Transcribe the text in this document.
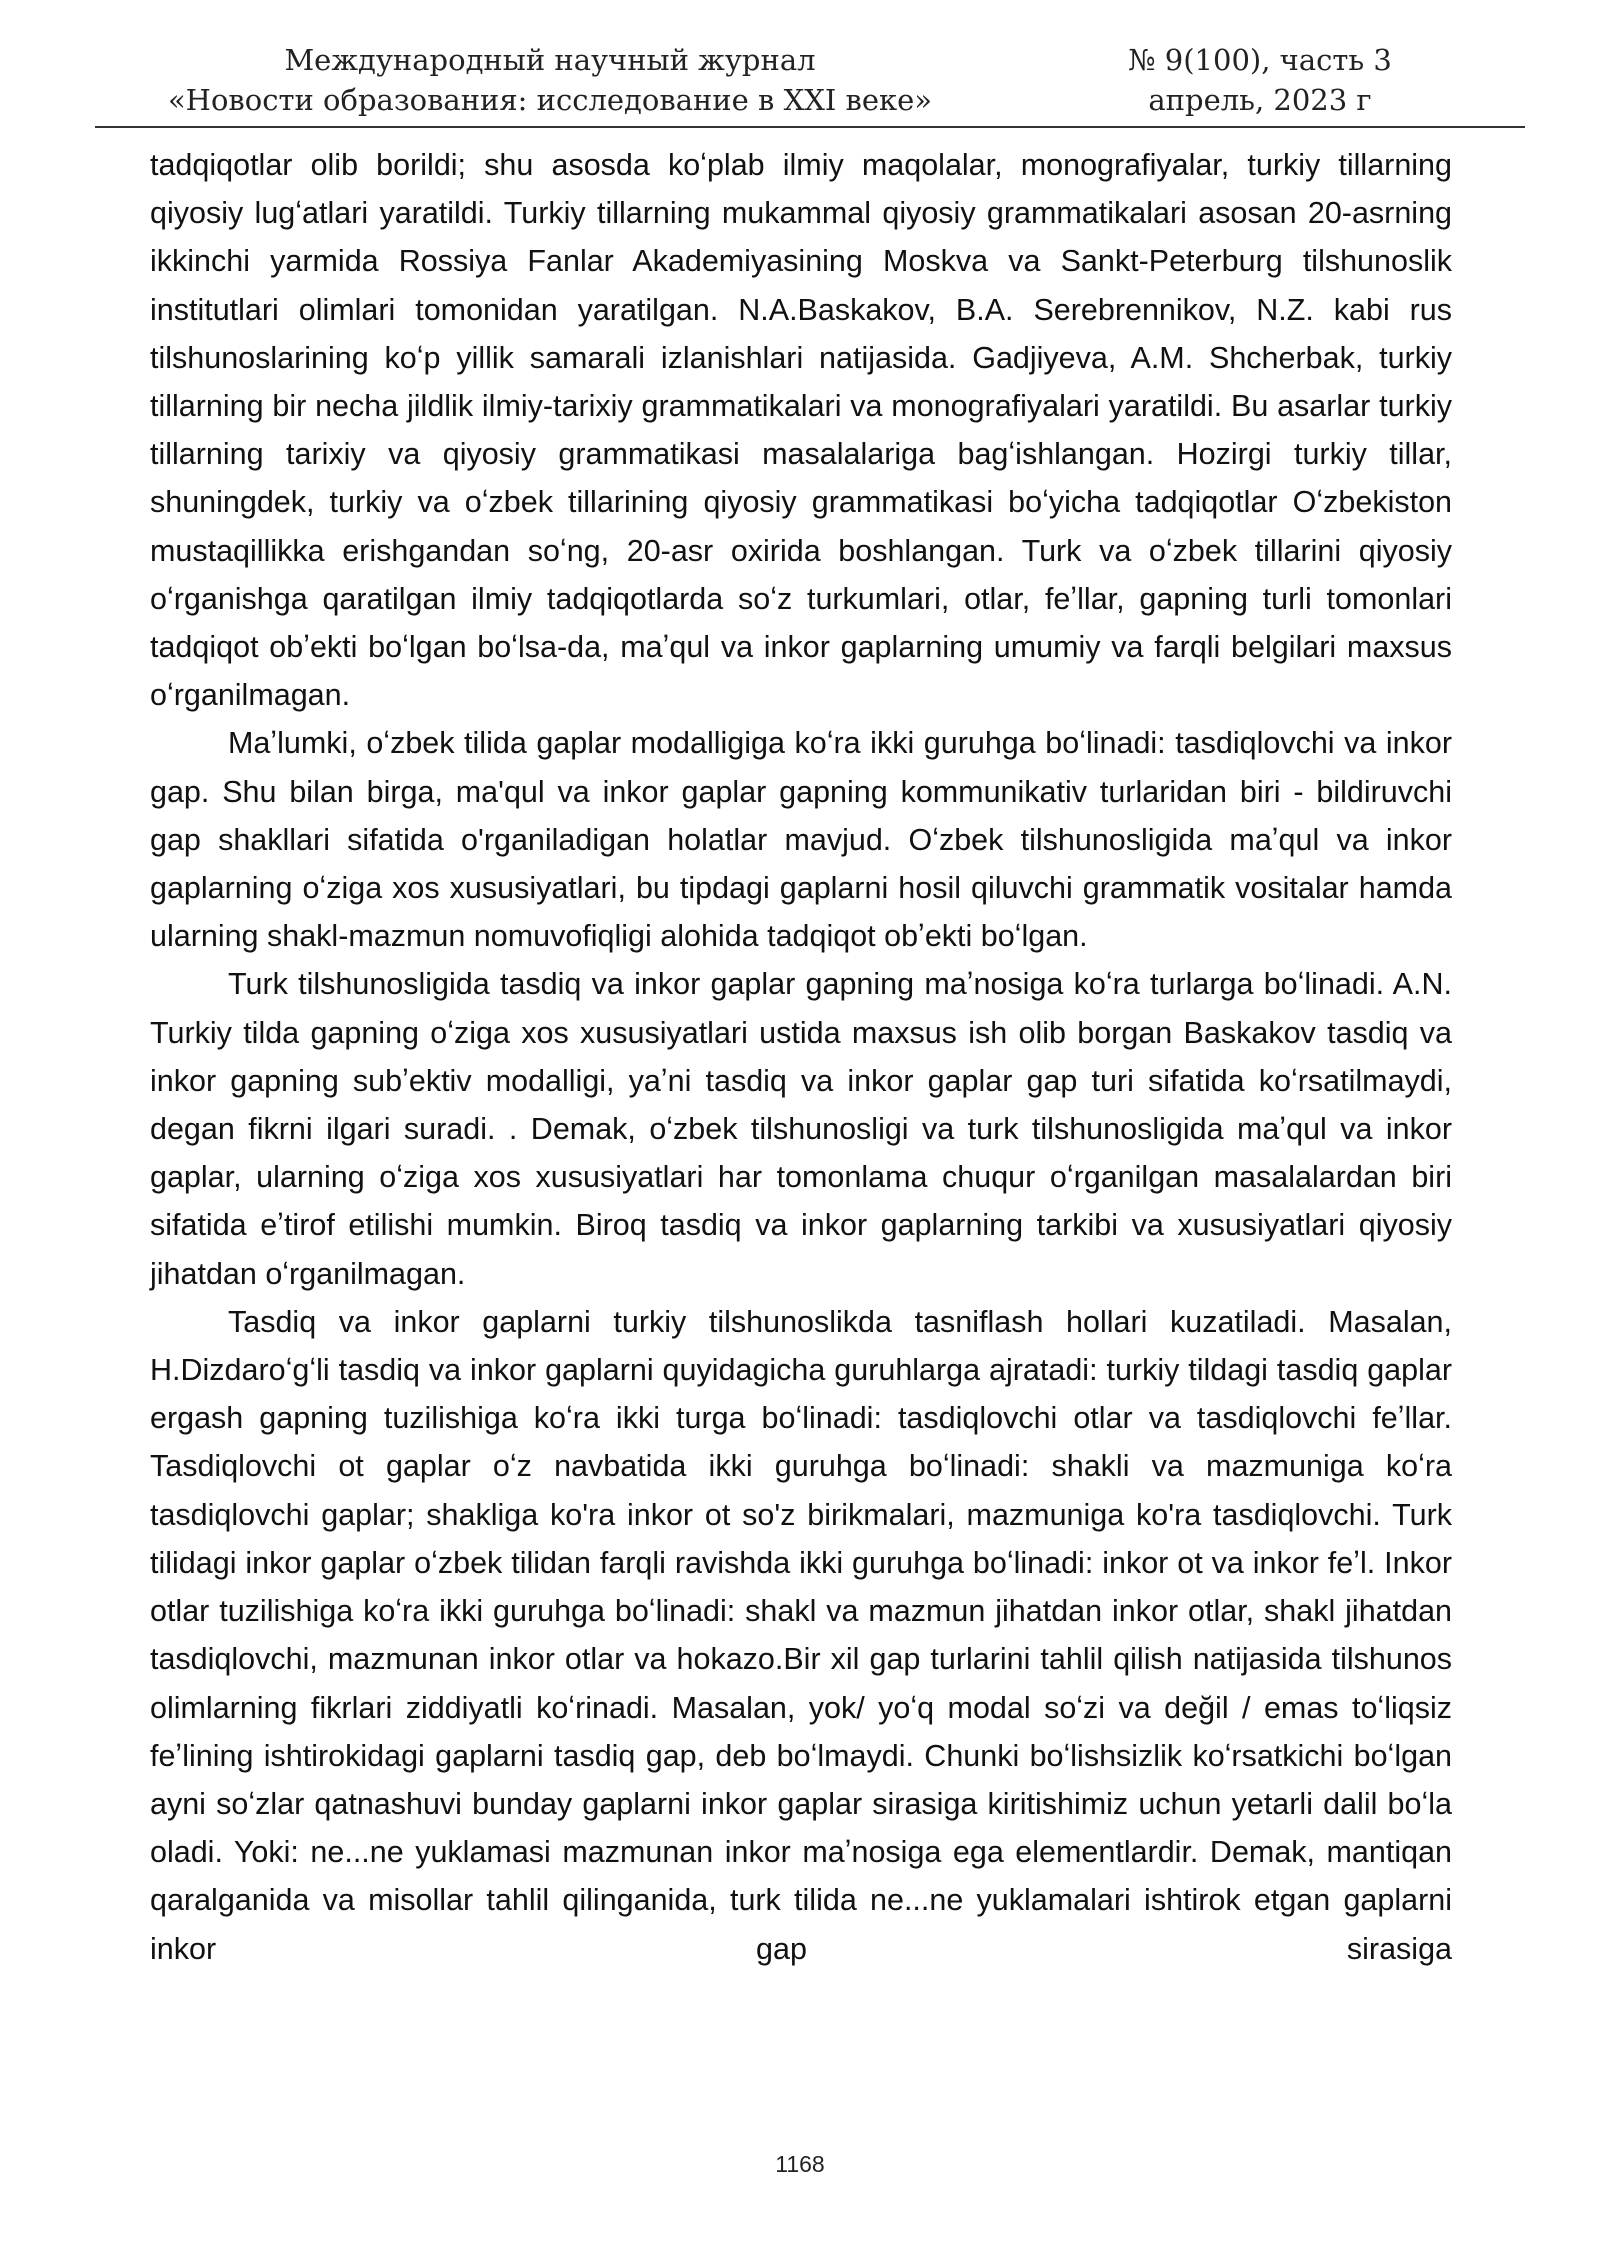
Международный научный журнал
«Новости образования: исследование в XXI веке»
№ 9(100), часть 3
апрель, 2023 г

tadqiqotlar olib borildi; shu asosda koʻplab ilmiy maqolalar, monografiyalar, turkiy tillarning qiyosiy lugʻatlari yaratildi. Turkiy tillarning mukammal qiyosiy grammatikalari asosan 20-asrning ikkinchi yarmida Rossiya Fanlar Akademiyasining Moskva va Sankt-Peterburg tilshunoslik institutlari olimlari tomonidan yaratilgan. N.A.Baskakov, B.A. Serebrennikov, N.Z. kabi rus tilshunoslarining koʻp yillik samarali izlanishlari natijasida. Gadjiyeva, A.M. Shcherbak, turkiy tillarning bir necha jildlik ilmiy-tarixiy grammatikalari va monografiyalari yaratildi. Bu asarlar turkiy tillarning tarixiy va qiyosiy grammatikasi masalalariga bagʻishlangan. Hozirgi turkiy tillar, shuningdek, turkiy va oʻzbek tillarining qiyosiy grammatikasi boʻyicha tadqiqotlar Oʻzbekiston mustaqillikka erishgandan soʻng, 20-asr oxirida boshlangan. Turk va oʻzbek tillarini qiyosiy oʻrganishga qaratilgan ilmiy tadqiqotlarda soʻz turkumlari, otlar, feʼllar, gapning turli tomonlari tadqiqot obʼekti boʻlgan boʻlsa-da, maʼqul va inkor gaplarning umumiy va farqli belgilari maxsus oʻrganilmagan.

Maʼlumki, oʻzbek tilida gaplar modalligiga koʻra ikki guruhga boʻlinadi: tasdiqlovchi va inkor gap. Shu bilan birga, ma'qul va inkor gaplar gapning kommunikativ turlaridan biri - bildiruvchi gap shakllari sifatida o'rganiladigan holatlar mavjud. Oʻzbek tilshunosligida maʼqul va inkor gaplarning oʻziga xos xususiyatlari, bu tipdagi gaplarni hosil qiluvchi grammatik vositalar hamda ularning shakl-mazmun nomuvofiqligi alohida tadqiqot obʼekti boʻlgan.

Turk tilshunosligida tasdiq va inkor gaplar gapning maʼnosiga koʻra turlarga boʻlinadi. A.N. Turkiy tilda gapning oʻziga xos xususiyatlari ustida maxsus ish olib borgan Baskakov tasdiq va inkor gapning subʼektiv modalligi, yaʼni tasdiq va inkor gaplar gap turi sifatida koʻrsatilmaydi, degan fikrni ilgari suradi. . Demak, oʻzbek tilshunosligi va turk tilshunosligida maʼqul va inkor gaplar, ularning oʻziga xos xususiyatlari har tomonlama chuqur oʻrganilgan masalalardan biri sifatida eʼtirof etilishi mumkin. Biroq tasdiq va inkor gaplarning tarkibi va xususiyatlari qiyosiy jihatdan oʻrganilmagan.

Tasdiq va inkor gaplarni turkiy tilshunoslikda tasniflash hollari kuzatiladi. Masalan, H.Dizdaroʻgʻli tasdiq va inkor gaplarni quyidagicha guruhlarga ajratadi: turkiy tildagi tasdiq gaplar ergash gapning tuzilishiga koʻra ikki turga boʻlinadi: tasdiqlovchi otlar va tasdiqlovchi feʼllar. Tasdiqlovchi ot gaplar oʻz navbatida ikki guruhga boʻlinadi: shakli va mazmuniga koʻra tasdiqlovchi gaplar; shakliga ko'ra inkor ot so'z birikmalari, mazmuniga ko'ra tasdiqlovchi. Turk tilidagi inkor gaplar oʻzbek tilidan farqli ravishda ikki guruhga boʻlinadi: inkor ot va inkor feʼl. Inkor otlar tuzilishiga koʻra ikki guruhga boʻlinadi: shakl va mazmun jihatdan inkor otlar, shakl jihatdan tasdiqlovchi, mazmunan inkor otlar va hokazo.Bir xil gap turlarini tahlil qilish natijasida tilshunos olimlarning fikrlari ziddiyatli koʻrinadi. Masalan, yok/ yoʻq modal soʻzi va değil / emas toʻliqsiz feʼlining ishtirokidagi gaplarni tasdiq gap, deb boʻlmaydi. Chunki boʻlishsizlik koʻrsatkichi boʻlgan ayni soʻzlar qatnashuvi bunday gaplarni inkor gaplar sirasiga kiritishimiz uchun yetarli dalil boʻla oladi. Yoki: ne...ne yuklamasi mazmunan inkor maʼnosiga ega elementlardir. Demak, mantiqan qaralganida va misollar tahlil qilinganida, turk tilida ne...ne yuklamalari ishtirok etgan gaplarni inkor gap sirasiga

1168
